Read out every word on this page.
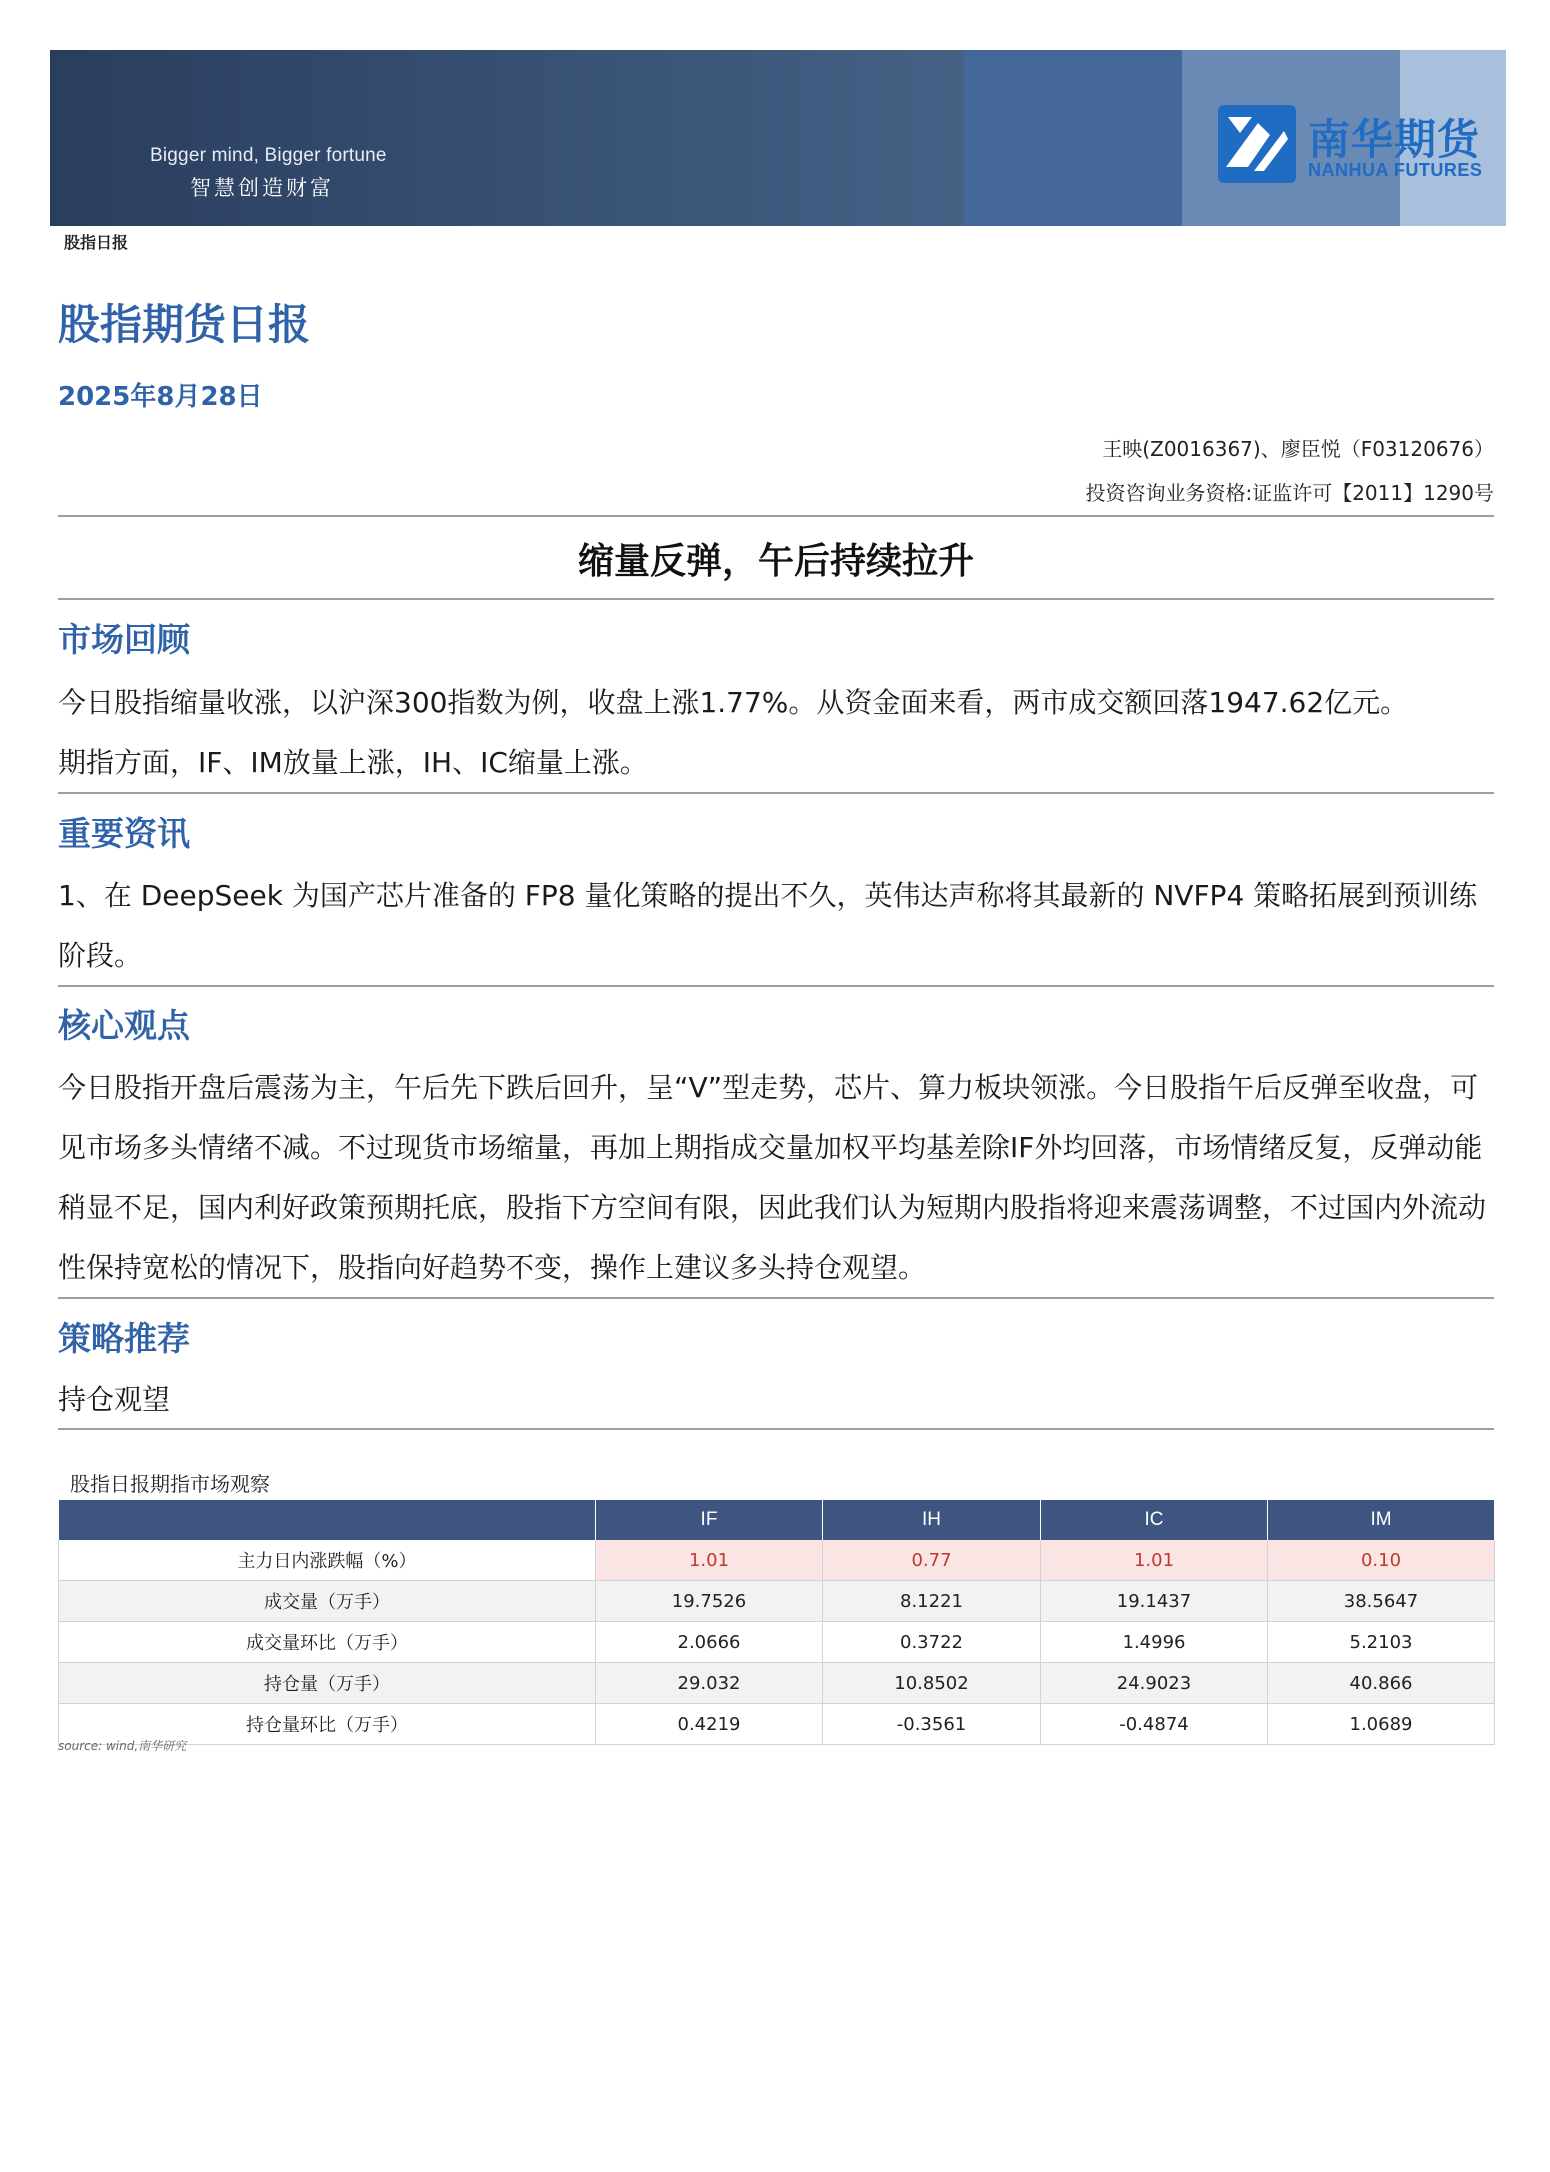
Bigger mind, Bigger fortune
智慧创造财富
南华期货
NANHUA FUTURES
股指日报
股指期货日报
2025年8月28日
王映(Z0016367)、廖臣悦（F03120676）
投资咨询业务资格:证监许可【2011】1290号
缩量反弹，午后持续拉升
市场回顾
今日股指缩量收涨，以沪深300指数为例，收盘上涨1.77%。从资金面来看，两市成交额回落1947.62亿元。
期指方面，IF、IM放量上涨，IH、IC缩量上涨。
重要资讯
1、在 DeepSeek 为国产芯片准备的 FP8 量化策略的提出不久，英伟达声称将其最新的 NVFP4 策略拓展到预训练阶段。
核心观点
今日股指开盘后震荡为主，午后先下跌后回升，呈“V”型走势，芯片、算力板块领涨。今日股指午后反弹至收盘，可见市场多头情绪不减。不过现货市场缩量，再加上期指成交量加权平均基差除IF外均回落，市场情绪反复，反弹动能稍显不足，国内利好政策预期托底，股指下方空间有限，因此我们认为短期内股指将迎来震荡调整，不过国内外流动性保持宽松的情况下，股指向好趋势不变，操作上建议多头持仓观望。
策略推荐
持仓观望
股指日报期指市场观察
	IF	IH	IC	IM
主力日内涨跌幅（%）	1.01	0.77	1.01	0.10
成交量（万手）	19.7526	8.1221	19.1437	38.5647
成交量环比（万手）	2.0666	0.3722	1.4996	5.2103
持仓量（万手）	29.032	10.8502	24.9023	40.866
持仓量环比（万手）	0.4219	-0.3561	-0.4874	1.0689
source: wind,南华研究
